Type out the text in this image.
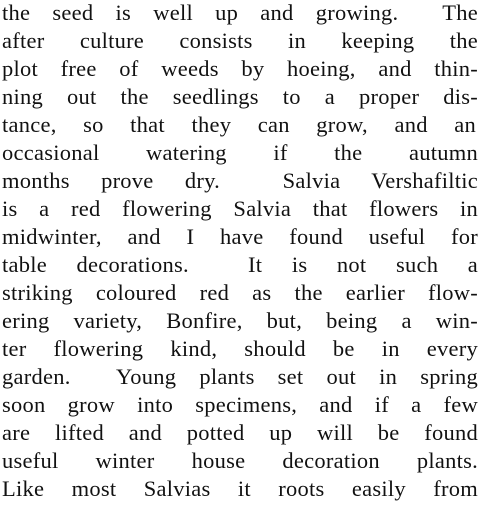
the seed is well up and growing.  The
after culture consists in keeping the
plot free of weeds by hoeing, and thin-
ning out the seedlings to a proper dis-
tance, so that they can grow, and an
occasional watering if the autumn
months prove dry.  Salvia Vershafiltic
is a red flowering Salvia that flowers in
midwinter, and I have found useful for
table decorations.  It is not such a
striking coloured red as the earlier flow-
ering variety, Bonfire, but, being a win-
ter flowering kind, should be in every
garden.  Young plants set out in spring
soon grow into specimens, and if a few
are lifted and potted up will be found
useful winter house decoration plants.
Like most Salvias it roots easily from
